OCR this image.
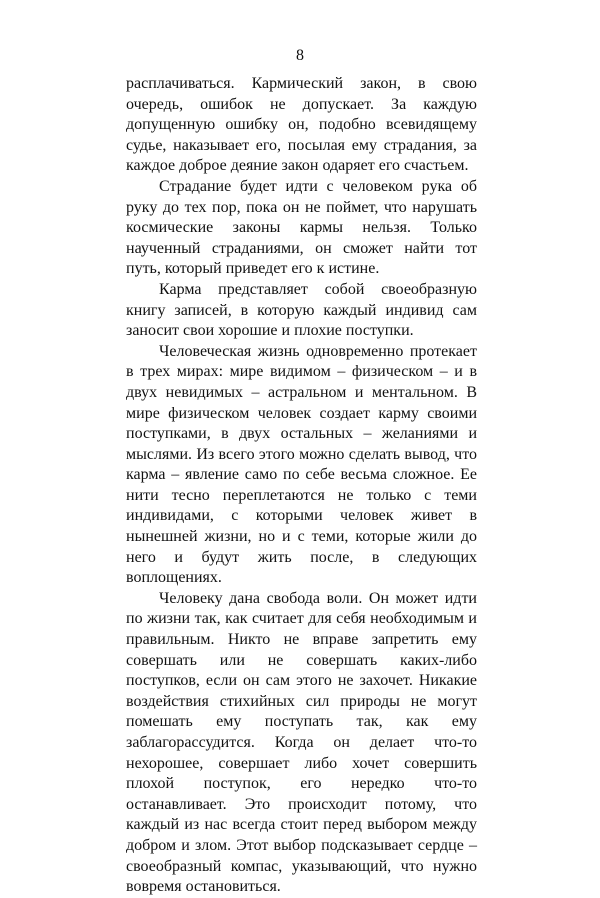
8

расплачиваться. Кармический закон, в свою очередь, ошибок не допускает. За каждую допущенную ошибку он, подобно всевидящему судье, наказывает его, посылая ему страдания, за каждое доброе деяние закон одаряет его счастьем.

Страдание будет идти с человеком рука об руку до тех пор, пока он не поймет, что нарушать космические законы кармы нельзя. Только наученный страданиями, он сможет найти тот путь, который приведет его к истине.

Карма представляет собой своеобразную книгу записей, в которую каждый индивид сам заносит свои хорошие и плохие поступки.

Человеческая жизнь одновременно протекает в трех мирах: мире видимом – физическом – и в двух невидимых – астральном и ментальном. В мире физическом человек создает карму своими поступками, в двух остальных – желаниями и мыслями. Из всего этого можно сделать вывод, что карма – явление само по себе весьма сложное. Ее нити тесно переплетаются не только с теми индивидами, с которыми человек живет в нынешней жизни, но и с теми, которые жили до него и будут жить после, в следующих воплощениях.

Человеку дана свобода воли. Он может идти по жизни так, как считает для себя необходимым и правильным. Никто не вправе запретить ему совершать или не совершать каких-либо поступков, если он сам этого не захочет. Никакие воздействия стихийных сил природы не могут помешать ему поступать так, как ему заблагорассудится. Когда он делает что-то нехорошее, совершает либо хочет совершить плохой поступок, его нередко что-то останавливает. Это происходит потому, что каждый из нас всегда стоит перед выбором между добром и злом. Этот выбор подсказывает сердце – своеобразный компас, указывающий, что нужно вовремя остановиться.
